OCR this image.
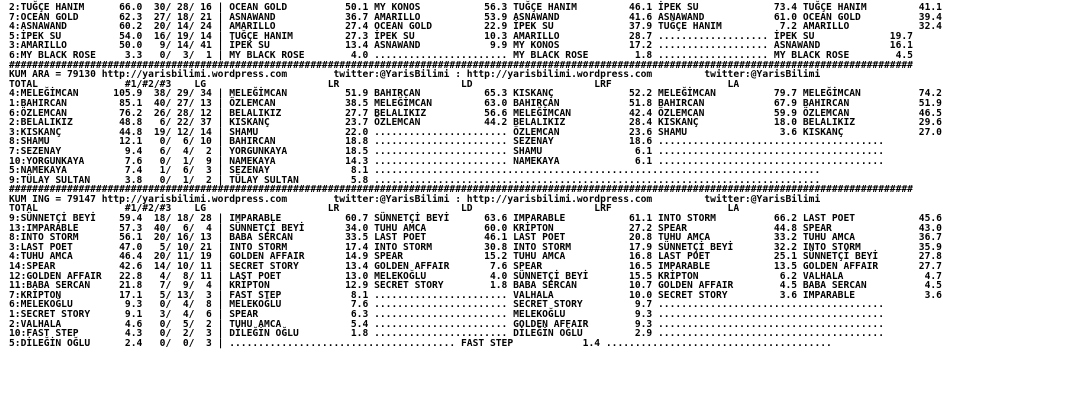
2:TUĞÇE HANIM      66.0  30/ 28/ 16 | OCEAN GOLD          50.1 MY KONOS           56.3 TUĞÇE HANIM         46.1 İPEK SU             73.4 TUĞÇE HANIM         41.1
7:OCEAN GOLD       62.3  27/ 18/ 21 | ASNAWAND            36.7 AMARILLO           53.9 ASNAWAND            41.6 ASNAWAND            61.0 OCEAN GOLD          39.4
4:ASNAWAND         60.2  20/ 14/ 24 | AMARILLO            27.4 OCEAN GOLD         22.9 İPEK SU             37.9 TUĞÇE HANIM          7.2 AMARILLO            32.4
5:İPEK SU          54.0  16/ 19/ 14 | TUĞÇE HANIM         27.3 İPEK SU            10.3 AMARILLO            28.7 ................... İPEK SU             19.7
3:AMARILLO         50.0   9/ 14/ 41 | İPEK SU             13.4 ASNAWAND            9.9 MY KONOS            17.2 ................... ASNAWAND            16.1
6:MY BLACK ROSE     3.3   0/  3/  1 | MY BLACK ROSE        4.0 ....................... MY BLACK ROSE        1.8 ................... MY BLACK ROSE        4.5
############################################################################################################################################################
KUM ARA = 79130 http://yarisbilimi.wordpress.com        twitter:@YarisBilimi : http://yarisbilimi.wordpress.com         twitter:@YarisBilimi
TOTAL               #1/#2/#3    LG                     LR                     LD                     LRF                    LA
4:MELEĞİMCAN      105.9  38/ 29/ 34 | MELEĞİMCAN          51.9 BAHIRCAN           65.3 KISKANÇ             52.2 MELEĞİMCAN          79.7 MELEĞİMCAN          74.2
1:BAHIRCAN         85.1  40/ 27/ 13 | ÖZLEMCAN            38.5 MELEĞİMCAN         63.0 BAHIRCAN            51.8 BAHIRCAN            67.9 BAHIRCAN            51.9
6:ÖZLEMCAN         76.2  26/ 28/ 12 | BELALIKIZ           27.7 BELALIKIZ          56.6 MELEĞİMCAN          42.4 ÖZLEMCAN            59.9 ÖZLEMCAN            46.5
2:BELALIKIZ        48.8   6/ 22/ 37 | KISKANÇ             23.7 ÖZLEMCAN           44.2 BELALIKIZ           28.4 KISKANÇ             18.0 BELALIKIZ           29.6
3:KISKANÇ          44.8  19/ 12/ 14 | SHAMU               22.0 ....................... ÖZLEMCAN            23.6 SHAMU                3.6 KISKANÇ             27.0
8:SHAMU            12.1   0/  6/ 10 | BAHIRCAN            18.8 ....................... SEZENAY             18.6 .......................................
7:SEZENAY           9.4   6/  4/  2 | YORGUNKAYA          18.5 ....................... SHAMU                6.1 .......................................
10:YORGUNKAYA       7.6   0/  1/  9 | NAMEKAYA            14.3 ....................... NAMEKAYA             6.1 .......................................
5:NAMEKAYA          7.4   1/  6/  3 | SEZENAY              8.1 .............................................................................
9:TÜLAY SULTAN      3.8   0/  1/  2 | TÜLAY SULTAN         5.8 .............................................................................
############################################################################################################################################################
KUM ING = 79147 http://yarisbilimi.wordpress.com        twitter:@YarisBilimi : http://yarisbilimi.wordpress.com         twitter:@YarisBilimi
TOTAL               #1/#2/#3    LG                     LR                     LD                     LRF                    LA
9:SÜNNETÇİ BEYİ    59.4  18/ 18/ 28 | IMPARABLE           60.7 SÜNNETÇİ BEYİ      63.6 IMPARABLE           61.1 INTO STORM          66.2 LAST POET           45.6
13:IMPARABLE       57.3  40/  6/  4 | SÜNNETÇİ BEYİ       34.0 TUHU AMCA          60.0 KRİPTON             27.2 SPEAR               44.8 SPEAR               43.0
8:INTO STORM       56.1  20/ 16/ 13 | BABA SERCAN         33.5 LAST POET          46.1 LAST POET           20.8 TUHU AMCA           33.2 TUHU AMCA           36.7
3:LAST POET        47.0   5/ 10/ 21 | INTO STORM          17.4 INTO STORM         30.8 INTO STORM          17.9 SÜNNETÇİ BEYİ       32.2 INTO STORM          35.9
4:TUHU AMCA        46.4  20/ 11/ 19 | GOLDEN AFFAIR       14.9 SPEAR              15.2 TUHU AMCA           16.8 LAST POET           25.1 SÜNNETÇİ BEYİ       27.8
14:SPEAR           42.6  14/ 10/ 11 | SECRET STORY        13.4 GOLDEN AFFAIR       7.6 SPEAR               16.5 IMPARABLE           13.5 GOLDEN AFFAIR       27.7
12:GOLDEN AFFAIR   22.8   4/  8/ 11 | LAST POET           13.0 MELEKOĞLU           4.0 SÜNNETÇİ BEYİ       15.5 KRİPTON              6.2 VALHALA              4.7
11:BABA SERCAN     21.8   7/  9/  4 | KRİPTON             12.9 SECRET STORY        1.8 BABA SERCAN         10.7 GOLDEN AFFAIR        4.5 BABA SERCAN          4.5
7:KRİPTON          17.1   5/ 13/  3 | FAST STEP            8.1 ....................... VALHALA             10.0 SECRET STORY         3.6 IMPARABLE            3.6
6:MELEKOĞLU         9.3   0/  4/  8 | MELEKOĞLU            7.6 ....................... SECRET STORY         9.7 .......................................
1:SECRET STORY      9.1   3/  4/  6 | SPEAR                6.3 ....................... MELEKOĞLU            9.3 .......................................
2:VALHALA           4.6   0/  5/  2 | TUHU AMCA            5.4 ....................... GOLDEN AFFAIR        9.3 .......................................
10:FAST STEP        4.3   0/  2/  3 | DİLEĞİN OĞLU         1.8 ....................... DİLEĞİN OĞLU         2.9 .......................................
5:DİLEĞİN OĞLU      2.4   0/  0/  3 | ....................................... FAST STEP            1.4 .......................................
